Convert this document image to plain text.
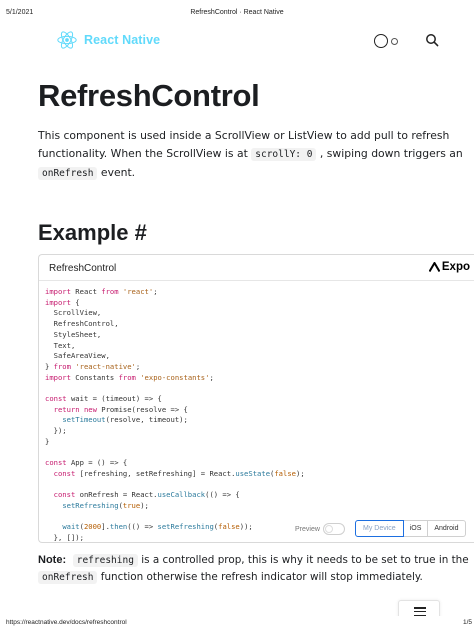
5/1/2021	RefreshControl · React Native
React Native
RefreshControl

This component is used inside a ScrollView or ListView to add pull to refresh

functionality. When the ScrollView is at scrollY: 0 , swiping down triggers an

onRefresh event.

Example #
RefreshControl	Expo
import React from 'react';
import {
ScrollView,
RefreshControl,
StyleSheet,
Text,
SafeAreaView,
} from 'react-native';
import Constants from 'expo-constants';

const wait = (timeout) => {
return new Promise(resolve => {
setTimeout(resolve, timeout);
});
}

const App = () => {
const [refreshing, setRefreshing] = React.useState(false);

const onRefresh = React.useCallback(() => {
setRefreshing(true);

wait(2000].then(() => setRefreshing(false));
}, []);
Preview	My Device	iOS	Android

Note: refreshing is a controlled prop, this is why it needs to be set to true in the

onRefresh function otherwise the refresh indicator will stop immediately.

https://reactnative.dev/docs/refreshcontrol	1/5
